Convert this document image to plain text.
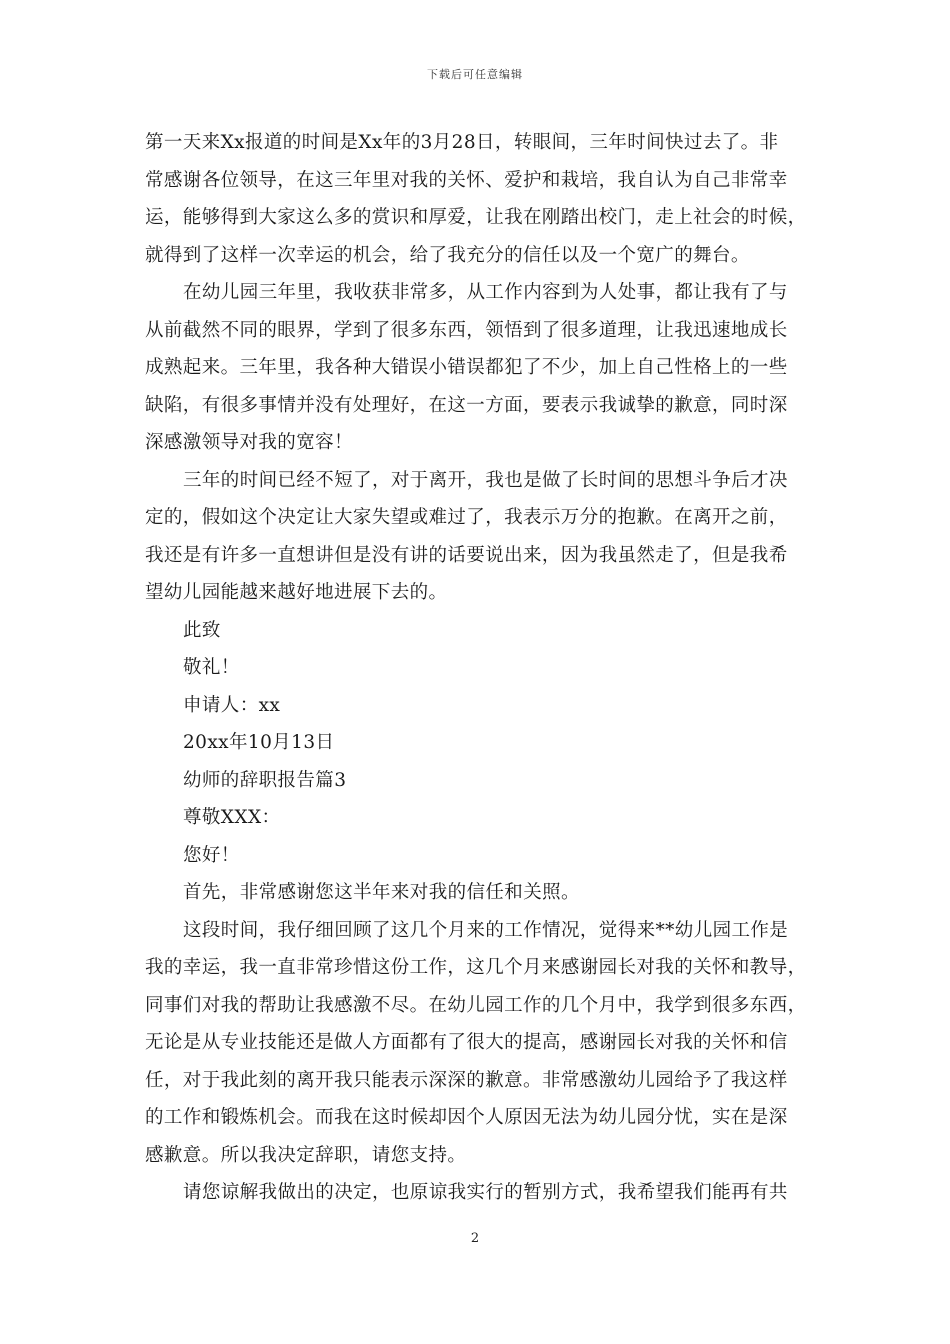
下载后可任意编辑
第一天来Xx报道的时间是Xx年的3月28日，转眼间，三年时间快过去了。非
常感谢各位领导，在这三年里对我的关怀、爱护和栽培，我自认为自己非常幸
运，能够得到大家这么多的赏识和厚爱，让我在刚踏出校门，走上社会的时候，
就得到了这样一次幸运的机会，给了我充分的信任以及一个宽广的舞台。
在幼儿园三年里，我收获非常多，从工作内容到为人处事，都让我有了与
从前截然不同的眼界，学到了很多东西，领悟到了很多道理，让我迅速地成长
成熟起来。三年里，我各种大错误小错误都犯了不少，加上自己性格上的一些
缺陷，有很多事情并没有处理好，在这一方面，要表示我诚挚的歉意，同时深
深感激领导对我的宽容！
三年的时间已经不短了，对于离开，我也是做了长时间的思想斗争后才决
定的，假如这个决定让大家失望或难过了，我表示万分的抱歉。在离开之前，
我还是有许多一直想讲但是没有讲的话要说出来，因为我虽然走了，但是我希
望幼儿园能越来越好地进展下去的。
此致
敬礼！
申请人：xx
20xx年10月13日
幼师的辞职报告篇3
尊敬XXX：
您好！
首先，非常感谢您这半年来对我的信任和关照。
这段时间，我仔细回顾了这几个月来的工作情况，觉得来**幼儿园工作是
我的幸运，我一直非常珍惜这份工作，这几个月来感谢园长对我的关怀和教导，
同事们对我的帮助让我感激不尽。在幼儿园工作的几个月中，我学到很多东西，
无论是从专业技能还是做人方面都有了很大的提高，感谢园长对我的关怀和信
任，对于我此刻的离开我只能表示深深的歉意。非常感激幼儿园给予了我这样
的工作和锻炼机会。而我在这时候却因个人原因无法为幼儿园分忧，实在是深
感歉意。所以我决定辞职，请您支持。
请您谅解我做出的决定，也原谅我实行的暂别方式，我希望我们能再有共
2
